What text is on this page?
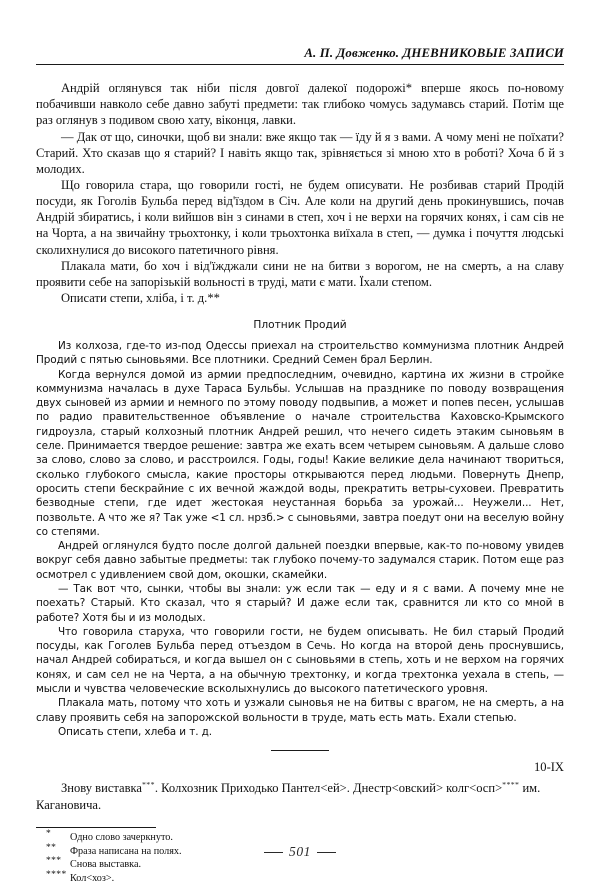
А. П. Довженко. ДНЕВНИКОВЫЕ ЗАПИСИ

Андрій оглянувся так ніби після довгої далекої подорожі* вперше якось по-новому побачивши навколо себе давно забуті предмети: так глибоко чомусь задумавсь старий. Потім ще раз оглянув з подивом свою хату, віконця, лавки.

— Дак от що, синочки, щоб ви знали: вже якщо так — їду й я з вами. А чому мені не поїхати? Старий. Хто сказав що я старий? І навіть якщо так, зрівняється зі мною хто в роботі? Хоча б й з молодих.

Що говорила стара, що говорили гості, не будем описувати. Не розбивав старий Продій посуди, як Гоголів Бульба перед від'їздом в Січ. Але коли на другий день прокинувшись, почав Андрій збиратись, і коли вийшов він з синами в степ, хоч і не верхи на горячих конях, і сам сів не на Чорта, а на звичайну трьохтонку, і коли трьохтонка виїхала в степ, — думка і почуття людські сколихнулися до високого патетичного рівня.

Плакала мати, бо хоч і від'їжджали сини не на битви з ворогом, не на смерть, а на славу проявити себе на запорізькій вольності в труді, мати є мати. Їхали степом.

Описати степи, хліба, і т. д.**

Плотник Продий

Из колхоза, где-то из-под Одессы приехал на строительство коммунизма плотник Андрей Продий с пятью сыновьями. Все плотники. Средний Семен брал Берлин.

Когда вернулся домой из армии предпоследним, очевидно, картина их жизни в стройке коммунизма началась в духе Тараса Бульбы. Услышав на празднике по поводу возвращения двух сыновей из армии и немного по этому поводу подвыпив, а может и попев песен, услышав по радио правительственное объявление о начале строительства Каховско-Крымского гидроузла, старый колхозный плотник Андрей решил, что нечего сидеть этаким сыновьям в селе. Принимается твердое решение: завтра же ехать всем четырем сыновьям. А дальше слово за слово, слово за слово, и расстроился. Годы, годы! Какие великие дела начинают твориться, сколько глубокого смысла, какие просторы открываются перед людьми. Повернуть Днепр, оросить степи бескрайние с их вечной жаждой воды, прекратить ветры-суховеи. Превратить безводные степи, где идет жестокая неустанная борьба за урожай... Неужели... Нет, позвольте. А что же я? Так уже <1 сл. нрзб.> с сыновьями, завтра поедут они на веселую войну со степями.

Андрей оглянулся будто после долгой дальней поездки впервые, как-то по-новому увидев вокруг себя давно забытые предметы: так глубоко почему-то задумался старик. Потом еще раз осмотрел с удивлением свой дом, окошки, скамейки.

— Так вот что, сынки, чтобы вы знали: уж если так — еду и я с вами. А почему мне не поехать? Старый. Кто сказал, что я старый? И даже если так, сравнится ли кто со мной в работе? Хотя бы и из молодых.

Что говорила старуха, что говорили гости, не будем описывать. Не бил старый Продий посуды, как Гоголев Бульба перед отъездом в Сечь. Но когда на второй день проснувшись, начал Андрей собираться, и когда вышел он с сыновьями в степь, хоть и не верхом на горячих конях, и сам сел не на Черта, а на обычную трехтонку, и когда трехтонка уехала в степь, — мысли и чувства человеческие всколыхнулись до высокого патетического уровня.

Плакала мать, потому что хоть и узжали сыновья не на битвы с врагом, не на смерть, а на славу проявить себя на запорожской вольности в труде, мать есть мать. Ехали степью.

Описать степи, хлеба и т. д.

10-IX

Знову виставка***. Колхозник Приходько Пантел<ей>. Днестр<овский> колг<осп>**** им. Кагановича.

* Одно слово зачеркнуто.
** Фраза написана на полях.
*** Снова выставка.
**** Кол<хоз>.
501
